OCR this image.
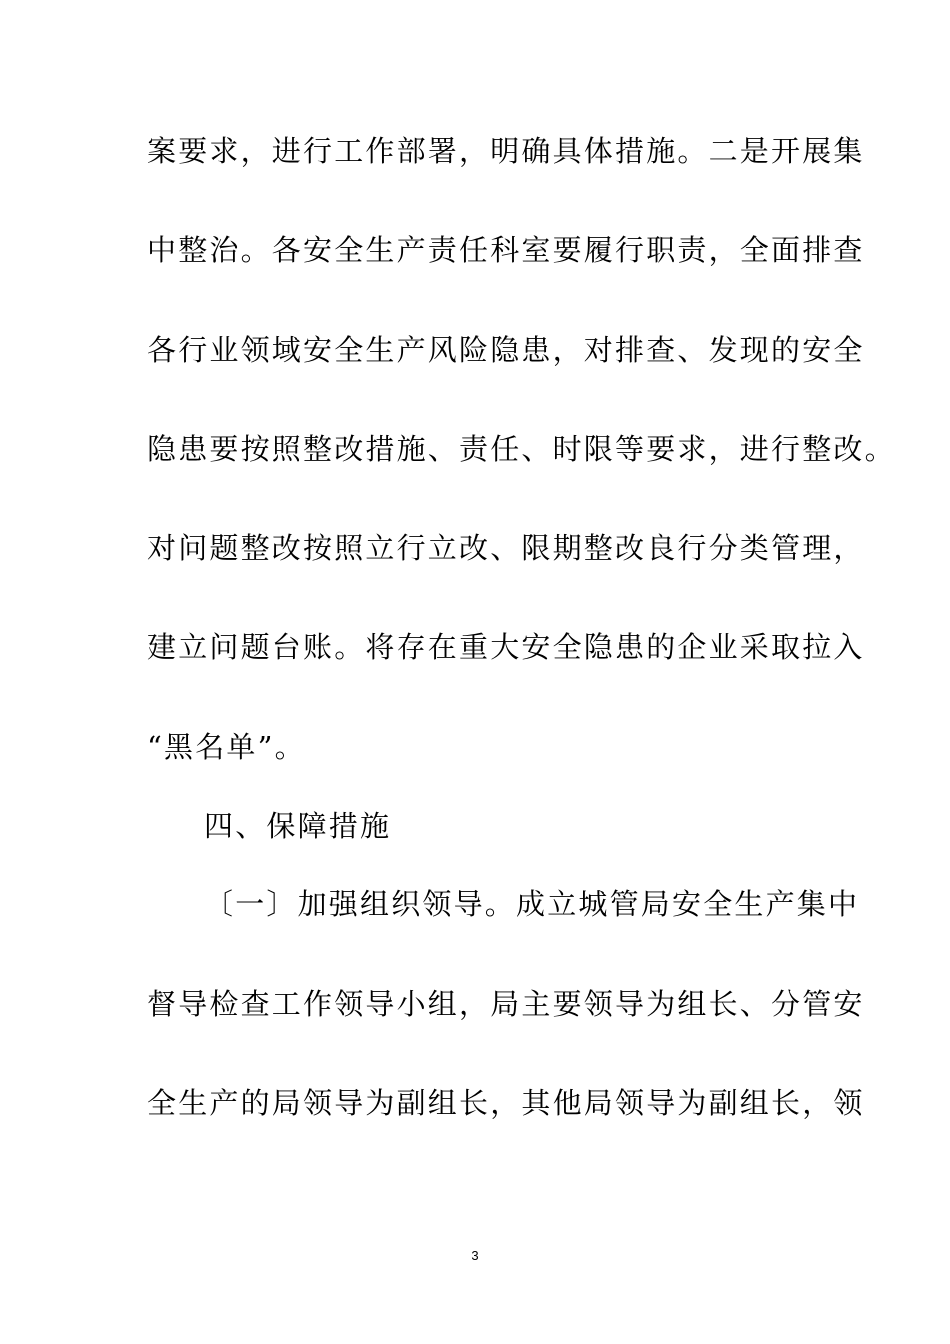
案要求，进行工作部署，明确具体措施。二是开展集
中整治。各安全生产责任科室要履行职责，全面排查
各行业领域安全生产风险隐患，对排查、发现的安全
隐患要按照整改措施、责任、时限等要求，进行整改。
对问题整改按照立行立改、限期整改良行分类管理，
建立问题台账。将存在重大安全隐患的企业采取拉入
“黑名单”。
四、保障措施
〔一〕加强组织领导。成立城管局安全生产集中
督导检查工作领导小组，局主要领导为组长、分管安
全生产的局领导为副组长，其他局领导为副组长，领
3
